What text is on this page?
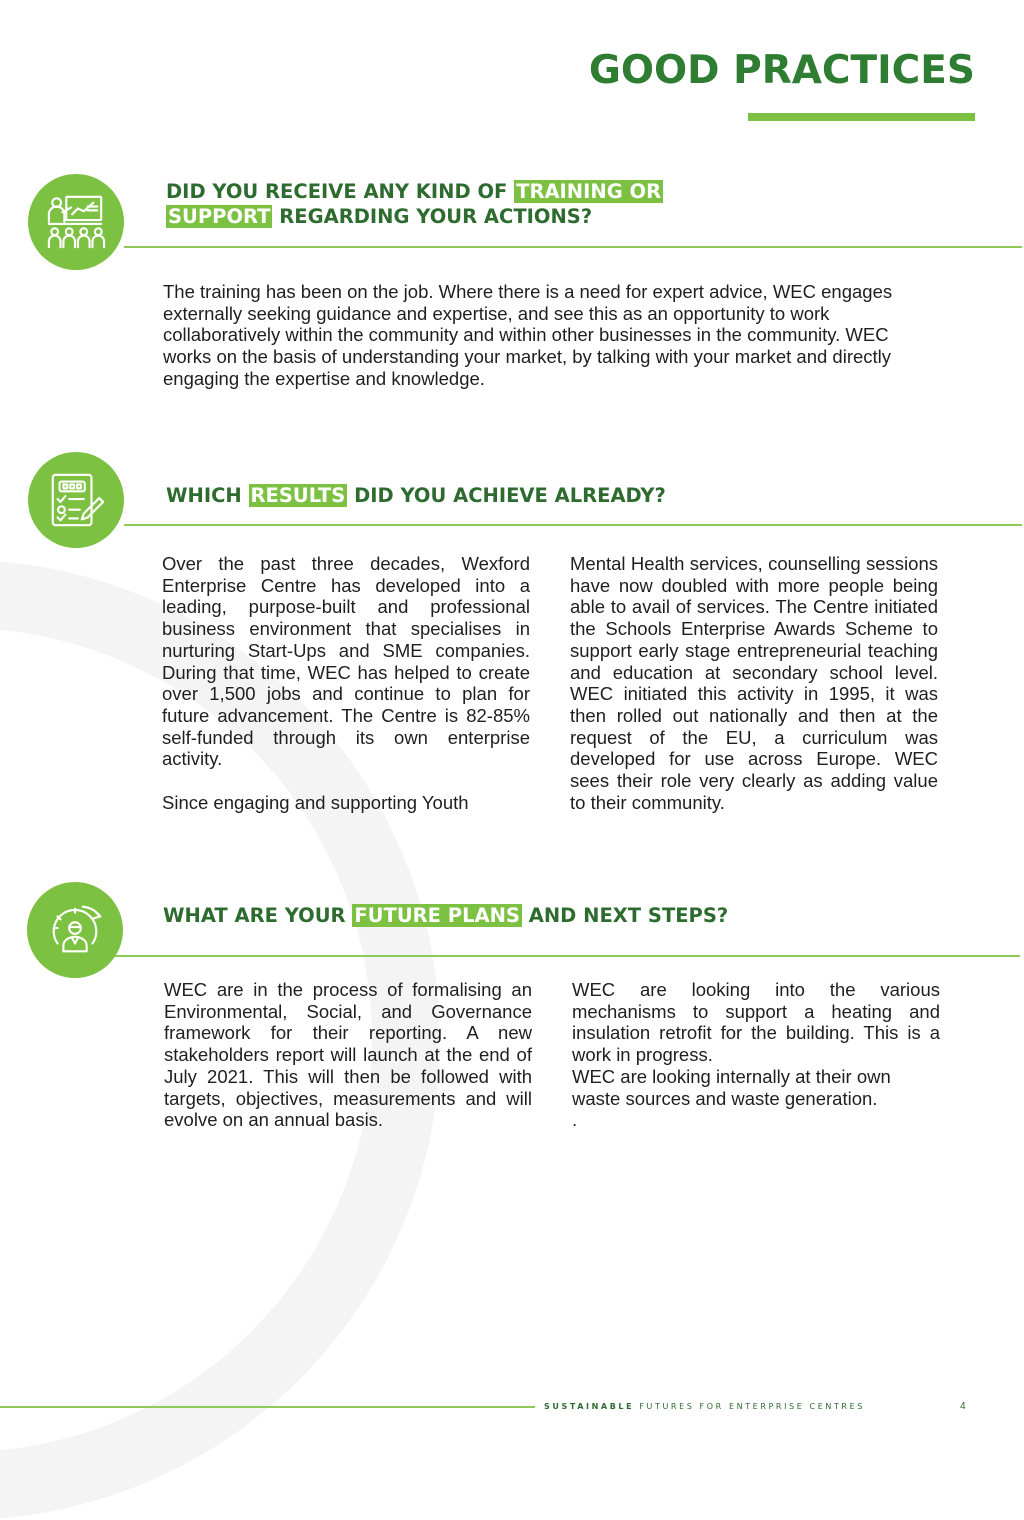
GOOD PRACTICES
DID YOU RECEIVE ANY KIND OF TRAINING OR
SUPPORT REGARDING YOUR ACTIONS?

The training has been on the job. Where there is a need for expert advice, WEC engages externally seeking guidance and expertise, and see this as an opportunity to work collaboratively within the community and within other businesses in the community. WEC works on the basis of understanding your market, by talking with your market and directly engaging the expertise and knowledge.

WHICH RESULTS DID YOU ACHIEVE ALREADY?

Over the past three decades, Wexford Enterprise Centre has developed into a leading, purpose-built and professional business environment that specialises in nurturing Start-Ups and SME companies. During that time, WEC has helped to create over 1,500 jobs and continue to plan for future advancement. The Centre is 82-85% self-funded through its own enterprise activity.

Since engaging and supporting Youth

Mental Health services, counselling sessions have now doubled with more people being able to avail of services. The Centre initiated the Schools Enterprise Awards Scheme to support early stage entrepreneurial teaching and education at secondary school level. WEC initiated this activity in 1995, it was then rolled out nationally and then at the request of the EU, a curriculum was developed for use across Europe. WEC sees their role very clearly as adding value to their community.

WHAT ARE YOUR FUTURE PLANS AND NEXT STEPS?

WEC are in the process of formalising an Environmental, Social, and Governance framework for their reporting. A new stakeholders report will launch at the end of July 2021. This will then be followed with targets, objectives, measurements and will evolve on an annual basis.

WEC are looking into the various mechanisms to support a heating and insulation retrofit for the building. This is a work in progress.

WEC are looking internally at their own waste sources and waste generation.

.

SUSTAINABLE FUTURES FOR ENTERPRISE CENTRES	4
